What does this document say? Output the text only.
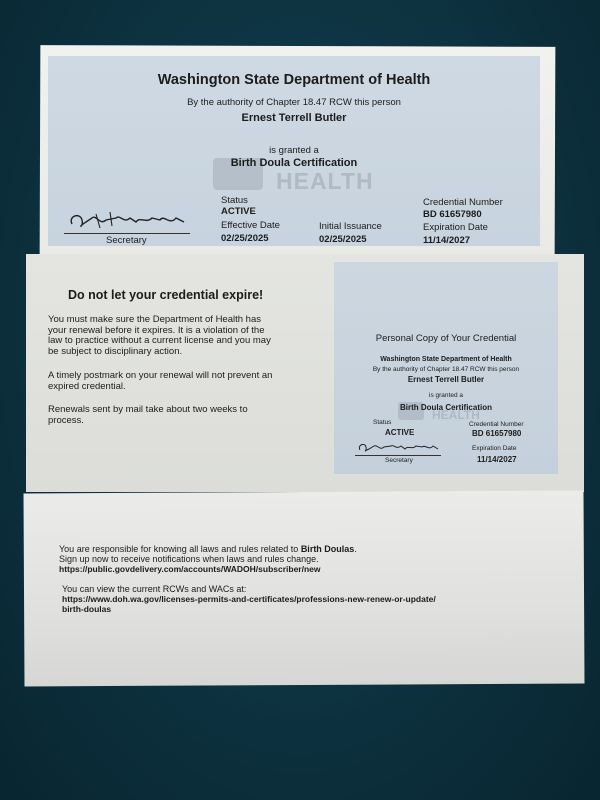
HEALTH
Washington State Department of Health
By the authority of Chapter 18.47 RCW this person
Ernest Terrell Butler
is granted a
Birth Doula Certification
Status
ACTIVE
Effective Date
02/25/2025
Initial Issuance
02/25/2025
Credential Number
BD 61657980
Expiration Date
11/14/2027
Secretary
Do not let your credential expire!
You must make sure the Department of Health has
your renewal before it expires. It is a violation of the
law to practice without a current license and you may
be subject to disciplinary action.
A timely postmark on your renewal will not prevent an
expired credential.
Renewals sent by mail take about two weeks to
process.	HEALTH
Personal Copy of Your Credential
Washington State Department of Health
By the authority of Chapter 18.47 RCW this person
Ernest Terrell Butler
is granted a
Birth Doula Certification
Status
ACTIVE
Credential Number
BD 61657980
Expiration Date
11/14/2027
Secretary
You are responsible for knowing all laws and rules related to Birth Doulas.
Sign up now to receive notifications when laws and rules change.
https://public.govdelivery.com/accounts/WADOH/subscriber/new
You can view the current RCWs and WACs at:
https://www.doh.wa.gov/licenses-permits-and-certificates/professions-new-renew-or-update/
birth-doulas
